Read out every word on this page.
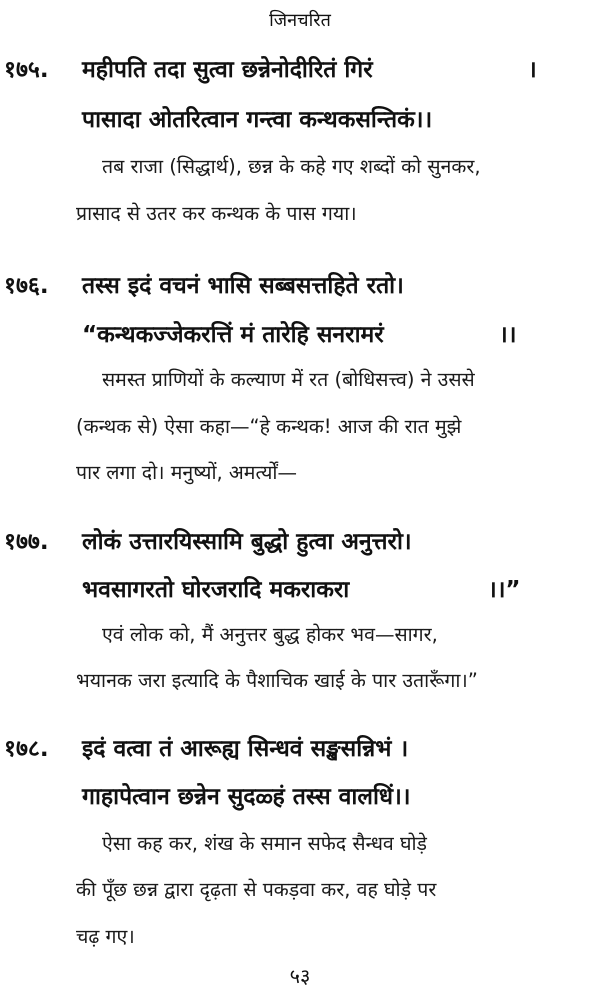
जिनचरित
१७५. महीपति तदा सुत्वा छन्नेनोदीरितं गिरं	।
पासादा ओतरित्वान गन्त्वा कन्थकसन्तिकं।।
तब राजा (सिद्धार्थ), छन्न के कहे गए शब्दों को सुनकर,
प्रासाद से उतर कर कन्थक के पास गया।
१७६. तस्स इदं वचनं भासि सब्बसत्तहिते रतो।
“कन्थकज्जेकरत्तिं मं तारेहि सनरामरं	।।
समस्त प्राणियों के कल्याण में रत (बोधिसत्त्व) ने उससे
(कन्थक से) ऐसा कहा—“हे कन्थक! आज की रात मुझे
पार लगा दो। मनुष्यों, अमर्त्यों—
१७७. लोकं उत्तारयिस्सामि बुद्धो हुत्वा अनुत्तरो।
भवसागरतो घोरजरादि मकराकरा	।।”
एवं लोक को, मैं अनुत्तर बुद्ध होकर भव—सागर,
भयानक जरा इत्यादि के पैशाचिक खाई के पार उतारूँगा।”
१७८. इदं वत्वा तं आरूह्य सिन्धवं सङ्खसन्निभं ।
गाहापेत्वान छन्नेन सुदळ्हं तस्स वालधिं।।
ऐसा कह कर, शंख के समान सफेद सैन्धव घोड़े
की पूँछ छन्न द्वारा दृढ़ता से पकड़वा कर, वह घोड़े पर
चढ़ गए।
५३
